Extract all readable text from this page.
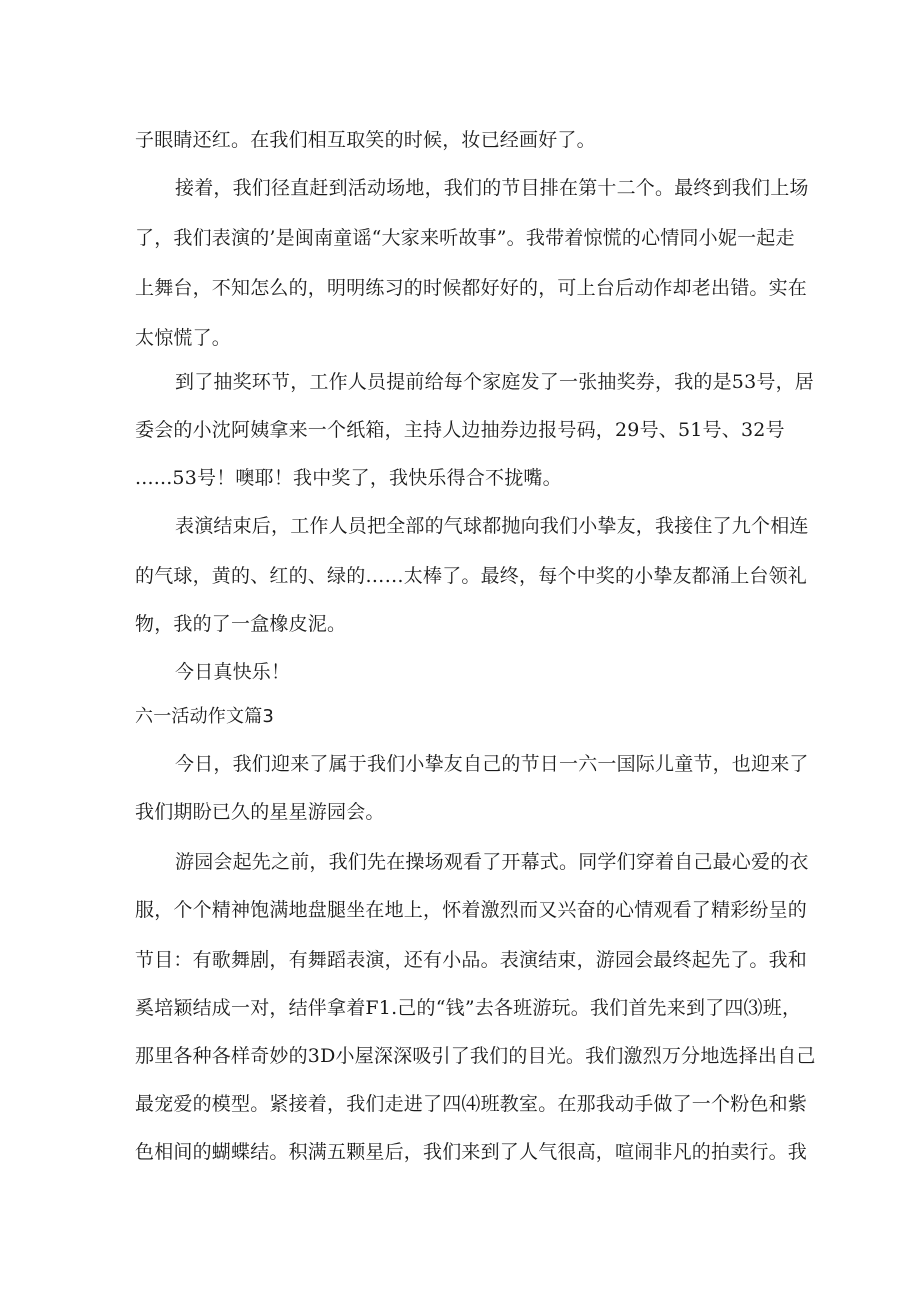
子眼睛还红。在我们相互取笑的时候，妆已经画好了。
接着，我们径直赶到活动场地，我们的节目排在第十二个。最终到我们上场
了，我们表演的’是闽南童谣“大家来听故事”。我带着惊慌的心情同小妮一起走
上舞台，不知怎么的，明明练习的时候都好好的，可上台后动作却老出错。实在
太惊慌了。
到了抽奖环节，工作人员提前给每个家庭发了一张抽奖券，我的是53号，居
委会的小沈阿姨拿来一个纸箱，主持人边抽券边报号码，29号、51号、32号
......53号！噢耶！我中奖了，我快乐得合不拢嘴。
表演结束后，工作人员把全部的气球都抛向我们小挚友，我接住了九个相连
的气球，黄的、红的、绿的……太棒了。最终，每个中奖的小挚友都涌上台领礼
物，我的了一盒橡皮泥。
今日真快乐！
六一活动作文篇3
今日，我们迎来了属于我们小挚友自己的节日一六一国际儿童节，也迎来了
我们期盼已久的星星游园会。
游园会起先之前，我们先在操场观看了开幕式。同学们穿着自己最心爱的衣
服，个个精神饱满地盘腿坐在地上，怀着激烈而又兴奋的心情观看了精彩纷呈的
节目：有歌舞剧，有舞蹈表演，还有小品。表演结束，游园会最终起先了。我和
奚培颖结成一对，结伴拿着F1.己的“钱”去各班游玩。我们首先来到了四⑶班，
那里各种各样奇妙的3D小屋深深吸引了我们的目光。我们激烈万分地选择出自己
最宠爱的模型。紧接着，我们走进了四⑷班教室。在那我动手做了一个粉色和紫
色相间的蝴蝶结。积满五颗星后，我们来到了人气很高，喧闹非凡的拍卖行。我
